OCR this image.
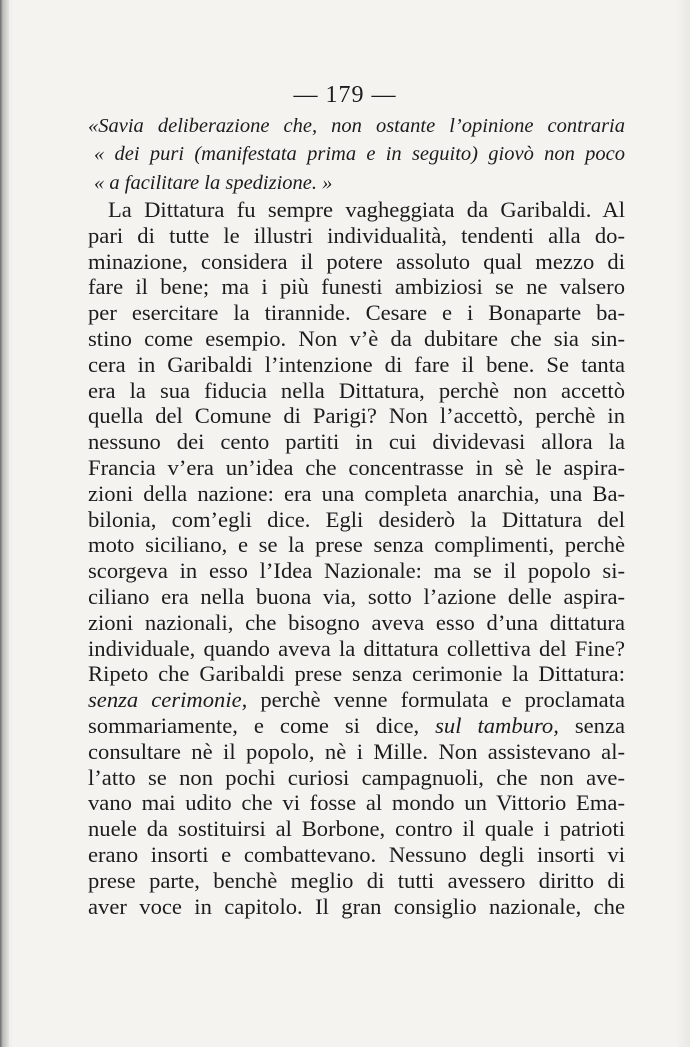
— 179 —
«Savia deliberazione che, non ostante l’opinione contraria
« dei puri (manifestata prima e in seguito) giovò non poco
« a facilitare la spedizione. »
La Dittatura fu sempre vagheggiata da Garibaldi. Al
pari di tutte le illustri individualità, tendenti alla do-
minazione, considera il potere assoluto qual mezzo di
fare il bene; ma i più funesti ambiziosi se ne valsero
per esercitare la tirannide. Cesare e i Bonaparte ba-
stino come esempio. Non v’è da dubitare che sia sin-
cera in Garibaldi l’intenzione di fare il bene. Se tanta
era la sua fiducia nella Dittatura, perchè non accettò
quella del Comune di Parigi? Non l’accettò, perchè in
nessuno dei cento partiti in cui dividevasi allora la
Francia v’era un’idea che concentrasse in sè le aspira-
zioni della nazione: era una completa anarchia, una Ba-
bilonia, com’egli dice. Egli desiderò la Dittatura del
moto siciliano, e se la prese senza complimenti, perchè
scorgeva in esso l’Idea Nazionale: ma se il popolo si-
ciliano era nella buona via, sotto l’azione delle aspira-
zioni nazionali, che bisogno aveva esso d’una dittatura
individuale, quando aveva la dittatura collettiva del Fine?
Ripeto che Garibaldi prese senza cerimonie la Dittatura:
senza cerimonie, perchè venne formulata e proclamata
sommariamente, e come si dice, sul tamburo, senza
consultare nè il popolo, nè i Mille. Non assistevano al-
l’atto se non pochi curiosi campagnuoli, che non ave-
vano mai udito che vi fosse al mondo un Vittorio Ema-
nuele da sostituirsi al Borbone, contro il quale i patrioti
erano insorti e combattevano. Nessuno degli insorti vi
prese parte, benchè meglio di tutti avessero diritto di
aver voce in capitolo. Il gran consiglio nazionale, che
